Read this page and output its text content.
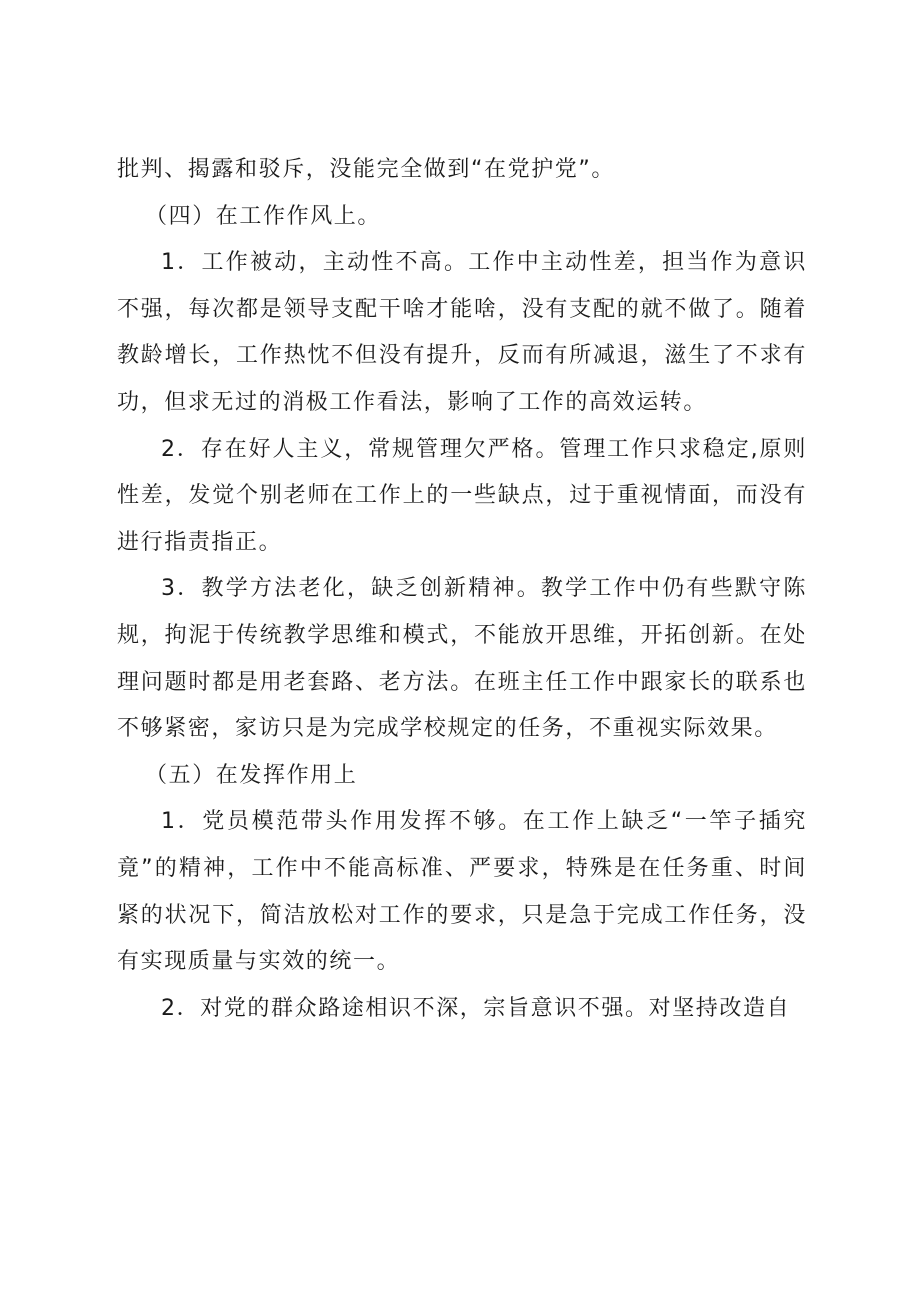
批判、揭露和驳斥，没能完全做到“在党护党”。

（四）在工作作风上。

1．工作被动，主动性不高。工作中主动性差，担当作为意识不强，每次都是领导支配干啥才能啥，没有支配的就不做了。随着教龄增长，工作热忱不但没有提升，反而有所减退，滋生了不求有功，但求无过的消极工作看法，影响了工作的高效运转。

2．存在好人主义，常规管理欠严格。管理工作只求稳定,原则性差，发觉个别老师在工作上的一些缺点，过于重视情面，而没有进行指责指正。

3．教学方法老化，缺乏创新精神。教学工作中仍有些默守陈规，拘泥于传统教学思维和模式，不能放开思维，开拓创新。在处理问题时都是用老套路、老方法。在班主任工作中跟家长的联系也不够紧密，家访只是为完成学校规定的任务，不重视实际效果。

（五）在发挥作用上

1．党员模范带头作用发挥不够。在工作上缺乏“一竿子插究竟”的精神，工作中不能高标准、严要求，特殊是在任务重、时间紧的状况下，简洁放松对工作的要求，只是急于完成工作任务，没有实现质量与实效的统一。

2．对党的群众路途相识不深，宗旨意识不强。对坚持改造自
